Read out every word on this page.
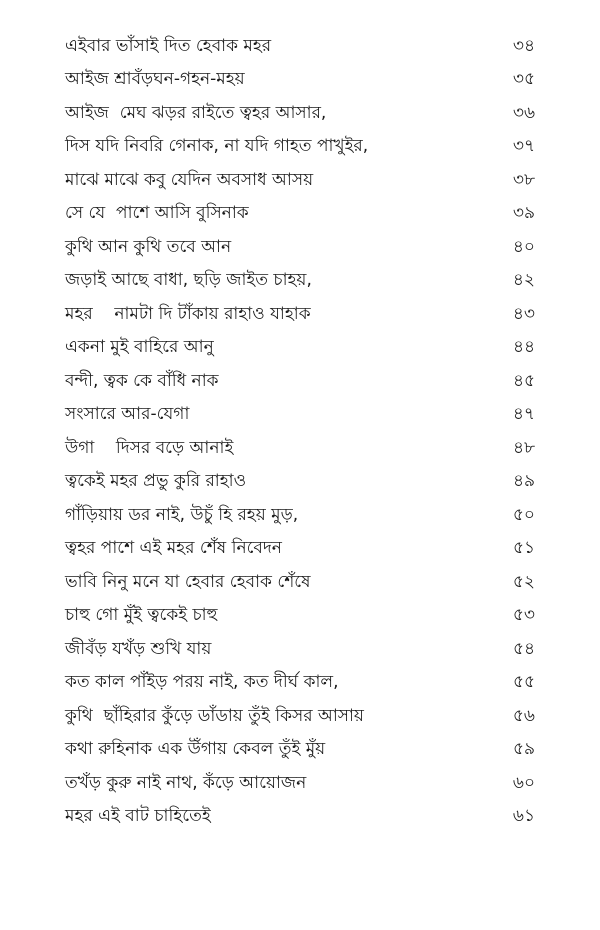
এইবার ভাঁসাই দিত হেবাক মহর	৩৪
আইজ শ্রাবঁড়ঘন-গহন-মহয়	৩৫
আইজ  মেঘ ঝড়র রাইতে ত্বহর আসার,	৩৬
দিস যদি নিবরি গেনাক, না যদি গাহত পাখুইর,	৩৭
মাঝে মাঝে কবু যেদিন অবসাধ আসয়	৩৮
সে যে  পাশে আসি বুসিনাক	৩৯
কুথি আন কুথি তবে আন	৪০
জড়াই আছে বাধা, ছড়ি জাইত চাহয়,	৪২
মহর    নামটা দি টাঁকায় রাহাও যাহাক	৪৩
একনা মুই বাহিরে আনু	৪৪
বন্দী, ত্বক কে বাঁধি নাক	৪৫
সংসারে আর-যেগা	৪৭
উগা    দিসর বড়ে আনাই	৪৮
ত্বকেই মহর প্রভু কুরি রাহাও	৪৯
গাঁড়িয়ায় ডর নাই, উচুঁ হি রহয় মুড়,	৫০
ত্বহর পাশে এই মহর শেঁষ নিবেদন	৫১
ভাবি নিনু মনে যা হেবার হেবাক শেঁষে	৫২
চাহু গো মুঁই ত্বকেই চাহু	৫৩
জীবঁড় যখঁড় শুখি যায়	৫৪
কত কাল পাঁইড় পরয় নাই, কত দীর্ঘ কাল,	৫৫
কুথি  ছাঁহিরার কুঁড়ে ডাঁডায় তুঁই কিসর আসায়	৫৬
কথা রুহিনাক এক উঁগায় কেবল তুঁই মুঁয়	৫৯
তখঁড় কুরু নাই নাথ, কঁড়ে আয়োজন	৬০
মহর এই বাট চাহিতেই	৬১
